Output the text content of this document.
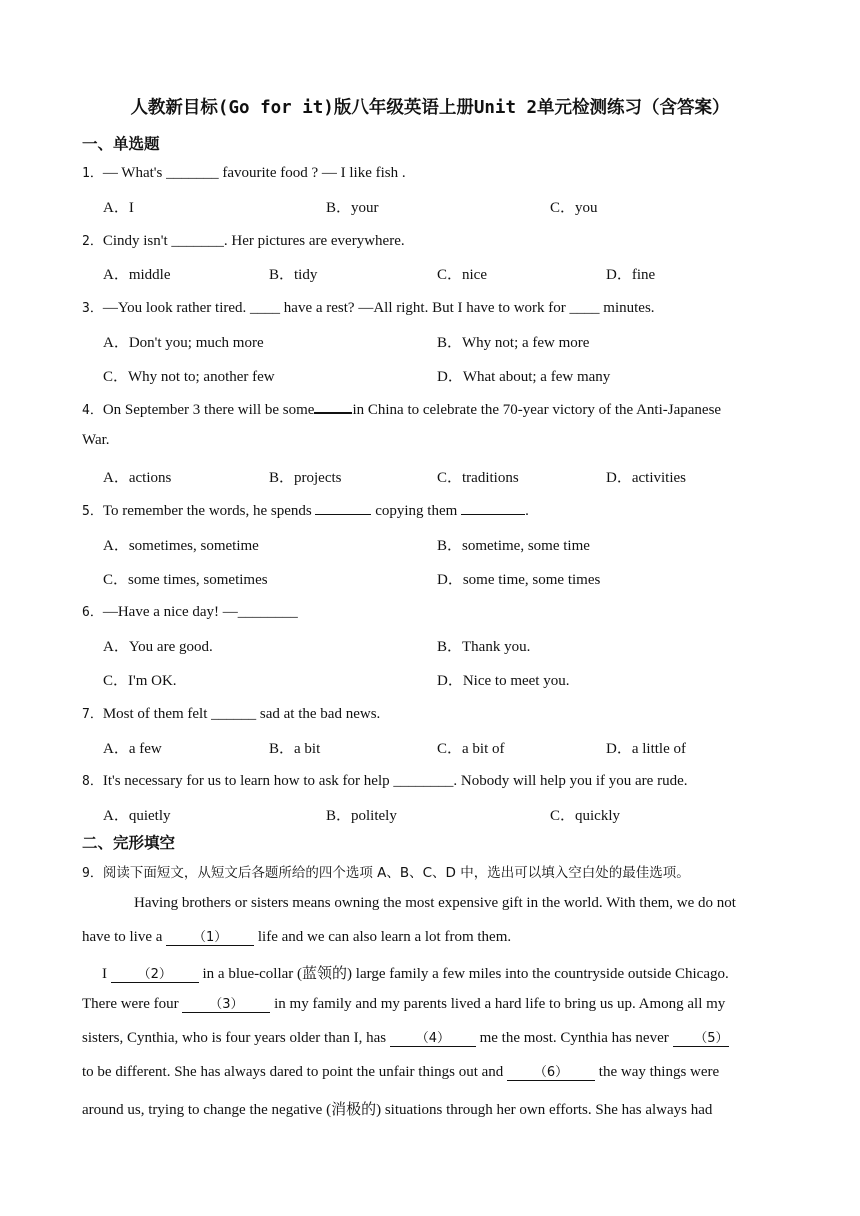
人教新目标(Go for it)版八年级英语上册Unit 2单元检测练习（含答案）
一、单选题
1．— What's _______ favourite food ? — I like fish .
A．I	B．your	C．you
2．Cindy isn't _______. Her pictures are everywhere.
A．middle	B．tidy	C．nice	D．fine
3．—You look rather tired. ____ have a rest? —All right. But I have to work for ____ minutes.
A．Don't you; much more	B．Why not; a few more
C．Why not to; another few	D．What about; a few many
4．On September 3 there will be some	in China to celebrate the 70-year victory of the Anti-Japanese
War.
A．actions	B．projects	C．traditions	D．activities
5．To remember the words, he spends	copying them	.
A．sometimes, sometime	B．sometime, some time
C．some times, sometimes	D．some time, some times
6．—Have a nice day! —________
A．You are good.	B．Thank you.
C．I'm OK.	D．Nice to meet you.
7．Most of them felt ______ sad at the bad news.
A．a few	B．a bit	C．a bit of	D．a little of
8．It's necessary for us to learn how to ask for help ________. Nobody will help you if you are rude.
A．quietly	B．politely	C．quickly
二、完形填空
9．阅读下面短文，从短文后各题所给的四个选项 A、B、C、D 中，选出可以填入空白处的最佳选项。
Having brothers or sisters means owning the most expensive gift in the world. With them, we do not
have to live a （1） life and we can also learn a lot from them.
I （2） in a blue-collar (蓝领的) large family a few miles into the countryside outside Chicago.
There were four （3） in my family and my parents lived a hard life to bring us up. Among all my
sisters, Cynthia, who is four years older than I, has （4） me the most. Cynthia has never （5）
to be different. She has always dared to point the unfair things out and （6） the way things were
around us, trying to change the negative (消极的) situations through her own efforts. She has always had
